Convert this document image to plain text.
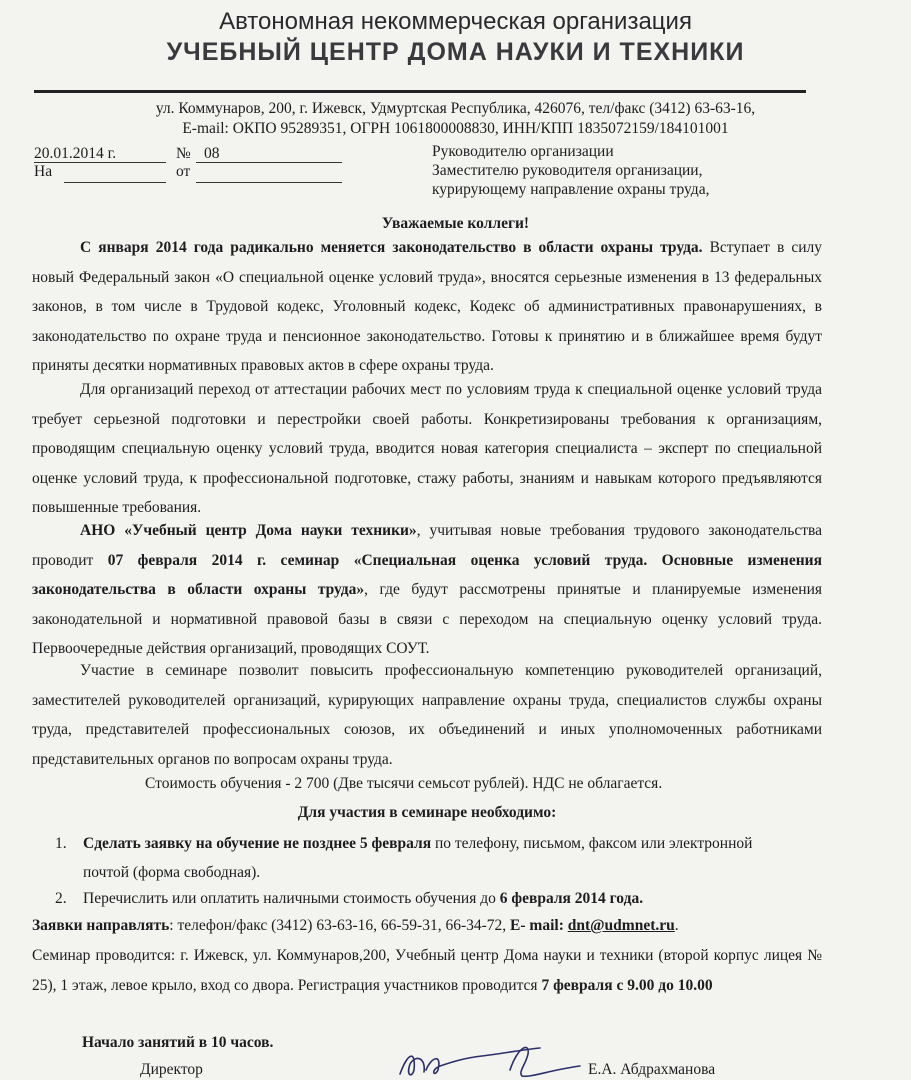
Автономная некоммерческая организация
УЧЕБНЫЙ ЦЕНТР ДОМА НАУКИ И ТЕХНИКИ
ул. Коммунаров, 200, г. Ижевск, Удмуртская Республика, 426076, тел/факс (3412) 63-63-16,
E-mail: ОКПО 95289351, ОГРН 1061800008830, ИНН/КПП 1835072159/184101001
20.01.2014 г.	№ 08
На	от
Руководителю организации
Заместителю руководителя организации,
курирующему направление охраны труда,
Уважаемые коллеги!

С января 2014 года радикально меняется законодательство в области охраны труда. Вступает в силу новый Федеральный закон «О специальной оценке условий труда», вносятся серьезные изменения в 13 федеральных законов, в том числе в Трудовой кодекс, Уголовный кодекс, Кодекс об административных правонарушениях, в законодательство по охране труда и пенсионное законодательство. Готовы к принятию и в ближайшее время будут приняты десятки нормативных правовых актов в сфере охраны труда.

Для организаций переход от аттестации рабочих мест по условиям труда к специальной оценке условий труда требует серьезной подготовки и перестройки своей работы. Конкретизированы требования к организациям, проводящим специальную оценку условий труда, вводится новая категория специалиста – эксперт по специальной оценке условий труда, к профессиональной подготовке, стажу работы, знаниям и навыкам которого предъявляются повышенные требования.

АНО «Учебный центр Дома науки техники», учитывая новые требования трудового законодательства проводит 07 февраля 2014 г. семинар «Специальная оценка условий труда. Основные изменения законодательства в области охраны труда», где будут рассмотрены принятые и планируемые изменения законодательной и нормативной правовой базы в связи с переходом на специальную оценку условий труда. Первоочередные действия организаций, проводящих СОУТ.

Участие в семинаре позволит повысить профессиональную компетенцию руководителей организаций, заместителей руководителей организаций, курирующих направление охраны труда, специалистов службы охраны труда, представителей профессиональных союзов, их объединений и иных уполномоченных работниками представительных органов по вопросам охраны труда.

Стоимость обучения - 2 700 (Две тысячи семьсот рублей). НДС не облагается.

Для участия в семинаре необходимо:
1. Сделать заявку на обучение не позднее 5 февраля по телефону, письмом, факсом или электронной
почтой (форма свободная).
2. Перечислить или оплатить наличными стоимость обучения до 6 февраля 2014 года.
Заявки направлять: телефон/факс (3412) 63-63-16, 66-59-31, 66-34-72, E- mail: dnt@udmnet.ru.

Семинар проводится: г. Ижевск, ул. Коммунаров,200, Учебный центр Дома науки и техники (второй корпус лицея № 25), 1 этаж, левое крыло, вход со двора. Регистрация участников проводится 7 февраля с 9.00 до 10.00

Начало занятий в 10 часов.
Директор	Е.А. Абдрахманова
